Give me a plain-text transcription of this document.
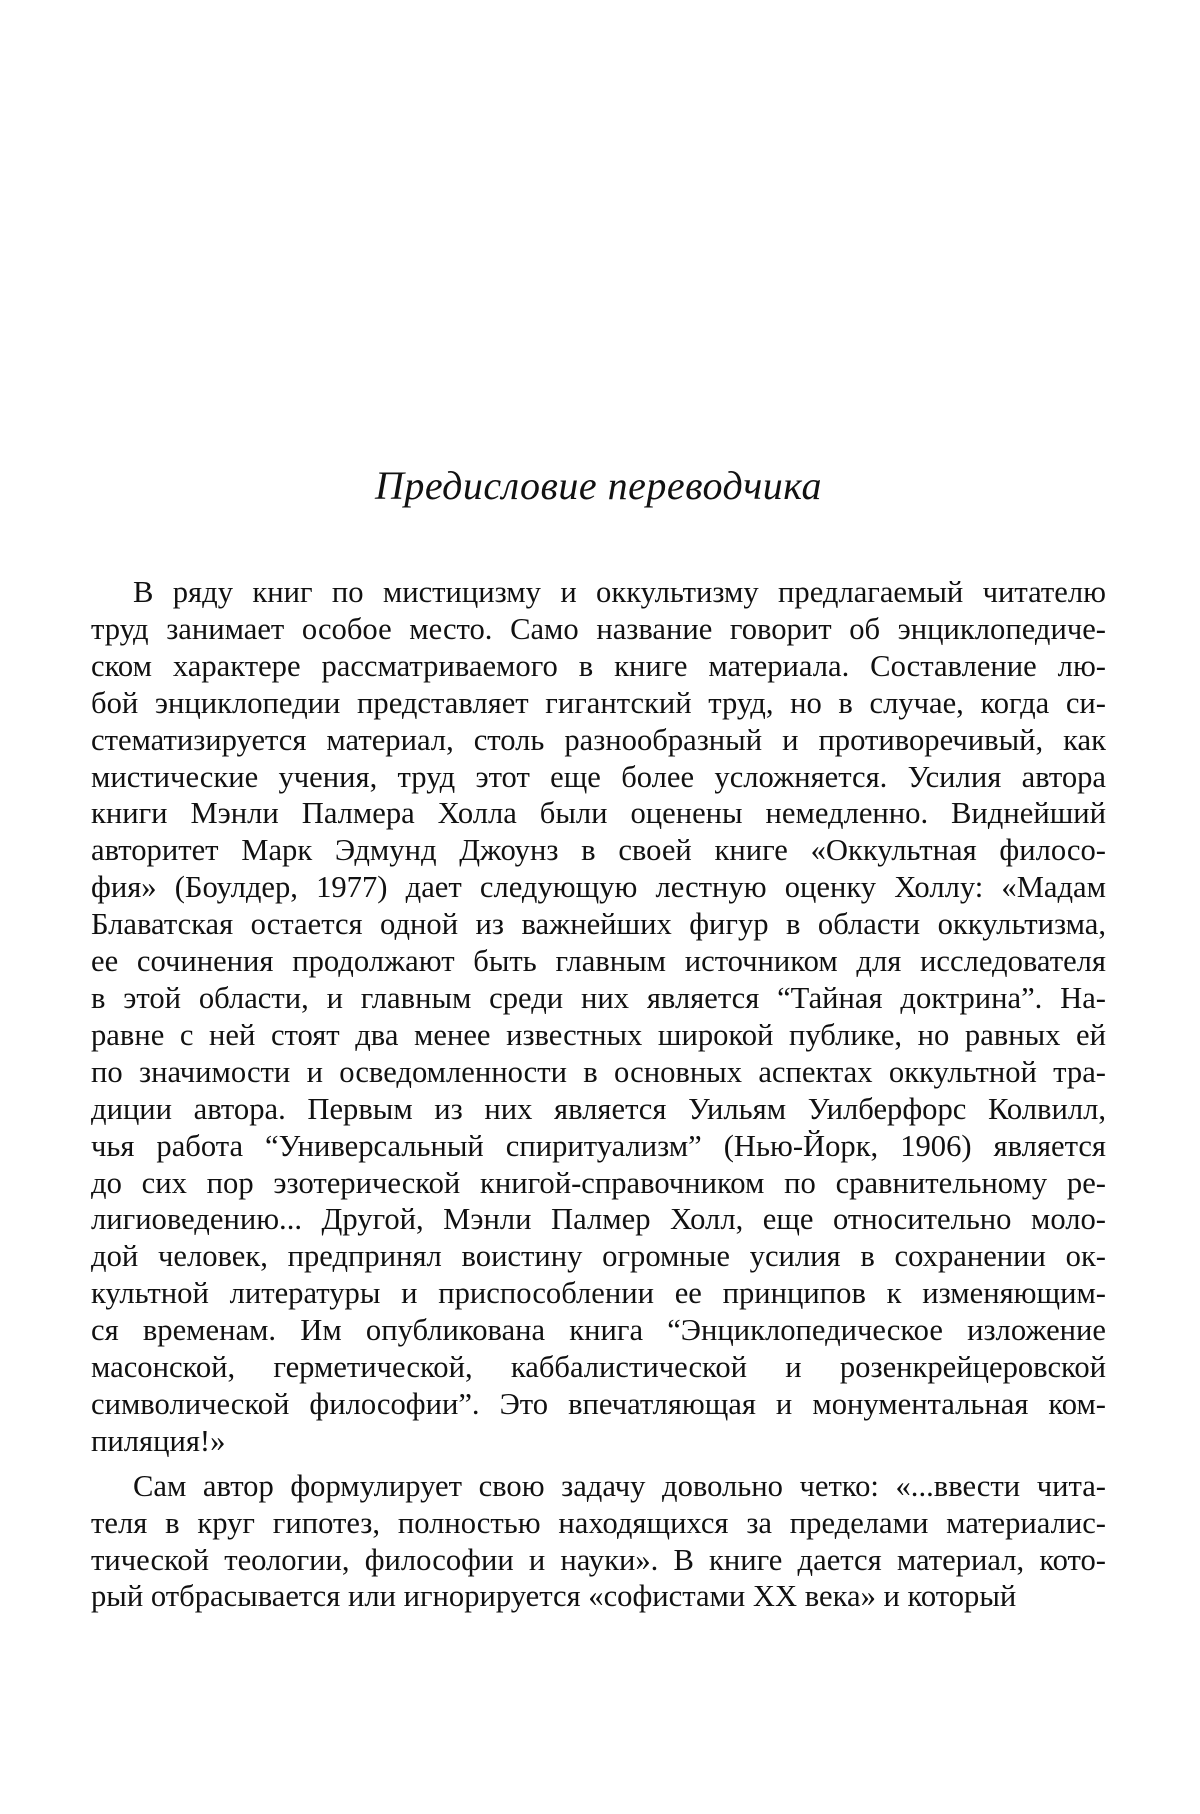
Предисловие переводчика
В ряду книг по мистицизму и оккультизму предлагаемый читателю
труд занимает особое место. Само название говорит об энциклопедиче-
ском характере рассматриваемого в книге материала. Составление лю-
бой энциклопедии представляет гигантский труд, но в случае, когда си-
стематизируется материал, столь разнообразный и противоречивый, как
мистические учения, труд этот еще более усложняется. Усилия автора
книги Мэнли Палмера Холла были оценены немедленно. Виднейший
авторитет Марк Эдмунд Джоунз в своей книге «Оккультная филосо-
фия» (Боулдер, 1977) дает следующую лестную оценку Холлу: «Мадам
Блаватская остается одной из важнейших фигур в области оккультизма,
ее сочинения продолжают быть главным источником для исследователя
в этой области, и главным среди них является “Тайная доктрина”. На-
равне с ней стоят два менее известных широкой публике, но равных ей
по значимости и осведомленности в основных аспектах оккультной тра-
диции автора. Первым из них является Уильям Уилберфорс Колвилл,
чья работа “Универсальный спиритуализм” (Нью-Йорк, 1906) является
до сих пор эзотерической книгой-справочником по сравнительному ре-
лигиоведению... Другой, Мэнли Палмер Холл, еще относительно моло-
дой человек, предпринял воистину огромные усилия в сохранении ок-
культной литературы и приспособлении ее принципов к изменяющим-
ся временам. Им опубликована книга “Энциклопедическое изложение
масонской, герметической, каббалистической и розенкрейцеровской
символической философии”. Это впечатляющая и монументальная ком-
пиляция!»
Сам автор формулирует свою задачу довольно четко: «...ввести чита-
теля в круг гипотез, полностью находящихся за пределами материалис-
тической теологии, философии и науки». В книге дается материал, кото-
рый отбрасывается или игнорируется «софистами XX века» и который
